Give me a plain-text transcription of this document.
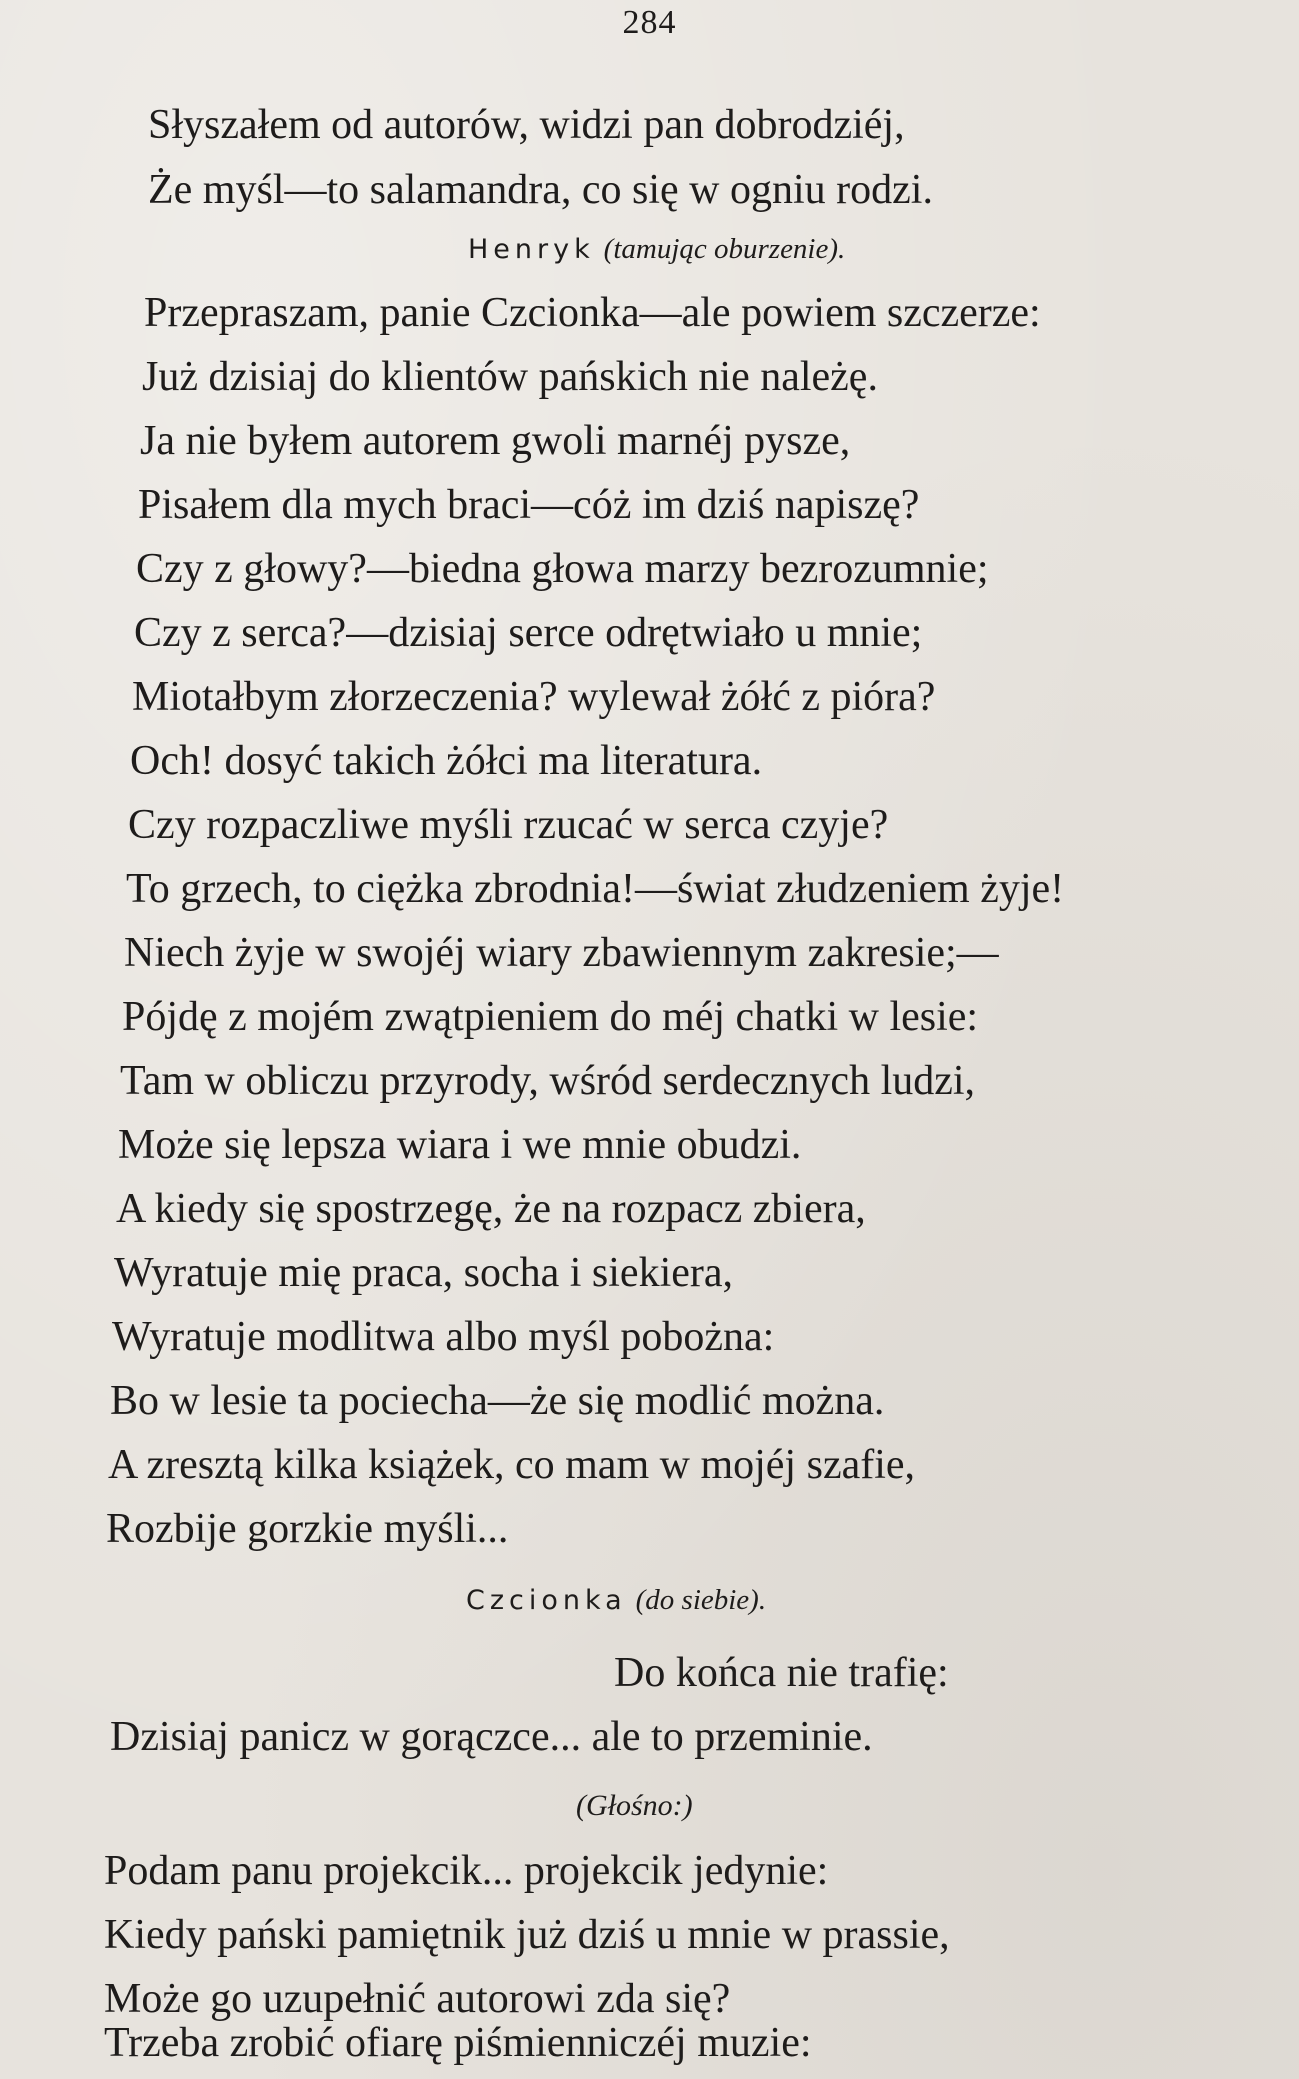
284
Słyszałem od autorów, widzi pan dobrodziéj,
Że myśl—to salamandra, co się w ogniu rodzi.
Henryk (tamując oburzenie).
Przepraszam, panie Czcionka—ale powiem szczerze:
Już dzisiaj do klientów pańskich nie należę.
Ja nie byłem autorem gwoli marnéj pysze,
Pisałem dla mych braci—cóż im dziś napiszę?
Czy z głowy?—biedna głowa marzy bezrozumnie;
Czy z serca?—dzisiaj serce odrętwiało u mnie;
Miotałbym złorzeczenia? wylewał żółć z pióra?
Och! dosyć takich żółci ma literatura.
Czy rozpaczliwe myśli rzucać w serca czyje?
To grzech, to ciężka zbrodnia!—świat złudzeniem żyje!
Niech żyje w swojéj wiary zbawiennym zakresie;—
Pójdę z mojém zwątpieniem do méj chatki w lesie:
Tam w obliczu przyrody, wśród serdecznych ludzi,
Może się lepsza wiara i we mnie obudzi.
A kiedy się spostrzegę, że na rozpacz zbiera,
Wyratuje mię praca, socha i siekiera,
Wyratuje modlitwa albo myśl pobożna:
Bo w lesie ta pociecha—że się modlić można.
A zresztą kilka książek, co mam w mojéj szafie,
Rozbije gorzkie myśli...
Czcionka (do siebie).
Do końca nie trafię:
Dzisiaj panicz w gorączce... ale to przeminie.
(Głośno:)
Podam panu projekcik... projekcik jedynie:
Kiedy pański pamiętnik już dziś u mnie w prassie,
Może go uzupełnić autorowi zda się?
Trzeba zrobić ofiarę piśmienniczéj muzie:
